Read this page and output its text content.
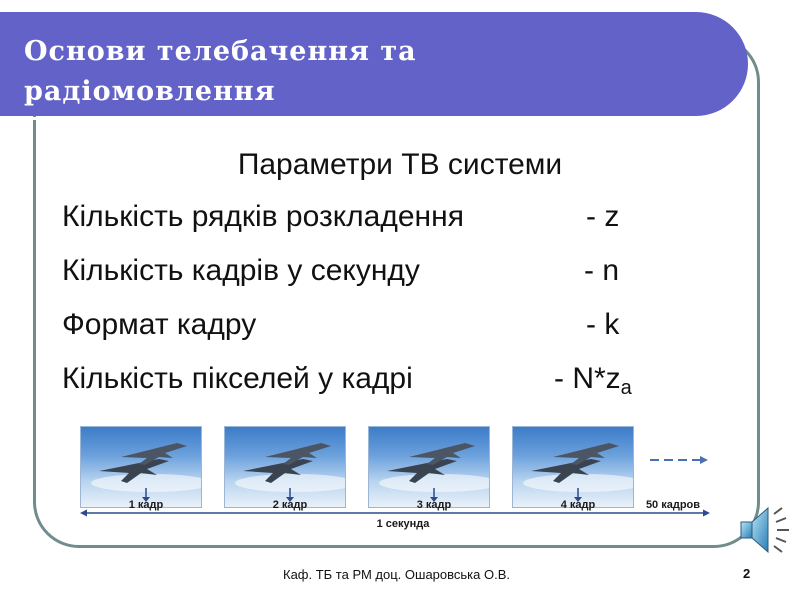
Основи телебачення та радіомовлення
Параметри ТВ системи
Кількість рядків розкладення	- z
Кількість кадрів у секунду	- n
Формат кадру	- k
Кількість пікселей у кадрі	- $N*z_a$
1 кадр	2 кадр	3 кадр	4 кадр	50 кадров
1 секунда
Каф. ТБ та РМ доц. Ошаровська О.В.	2
